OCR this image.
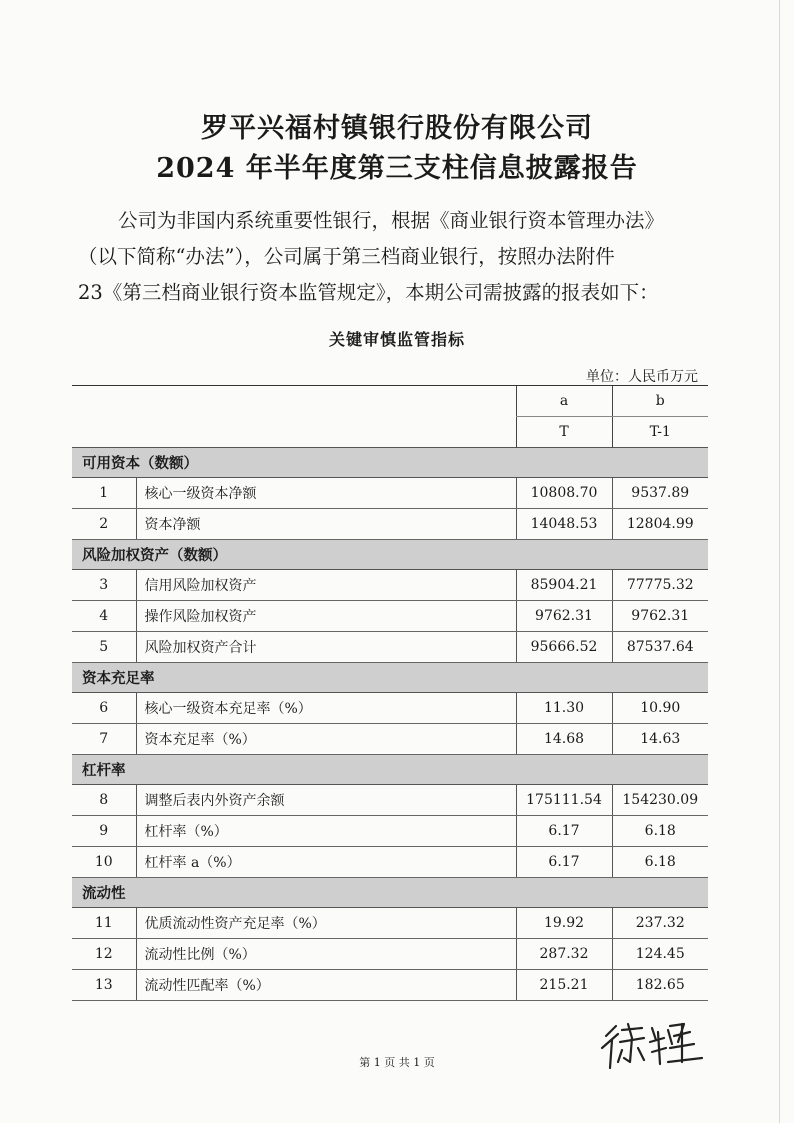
罗平兴福村镇银行股份有限公司
2024 年半年度第三支柱信息披露报告

公司为非国内系统重要性银行，根据《商业银行资本管理办法》

（以下简称“办法”），公司属于第三档商业银行，按照办法附件

23《第三档商业银行资本监管规定》，本期公司需披露的报表如下：

关键审慎监管指标
单位：人民币万元
		a	b
		T	T-1
可用资本（数额）			
1	核心一级资本净额	10808.70	9537.89
2	资本净额	14048.53	12804.99
风险加权资产（数额）			
3	信用风险加权资产	85904.21	77775.32
4	操作风险加权资产	9762.31	9762.31
5	风险加权资产合计	95666.52	87537.64
资本充足率			
6	核心一级资本充足率（%）	11.30	10.90
7	资本充足率（%）	14.68	14.63
杠杆率			
8	调整后表内外资产余额	175111.54	154230.09
9	杠杆率（%）	6.17	6.18
10	杠杆率 a（%）	6.17	6.18
流动性			
11	优质流动性资产充足率（%）	19.92	237.32
12	流动性比例（%）	287.32	124.45
13	流动性匹配率（%）	215.21	182.65
第 1 页 共 1 页
